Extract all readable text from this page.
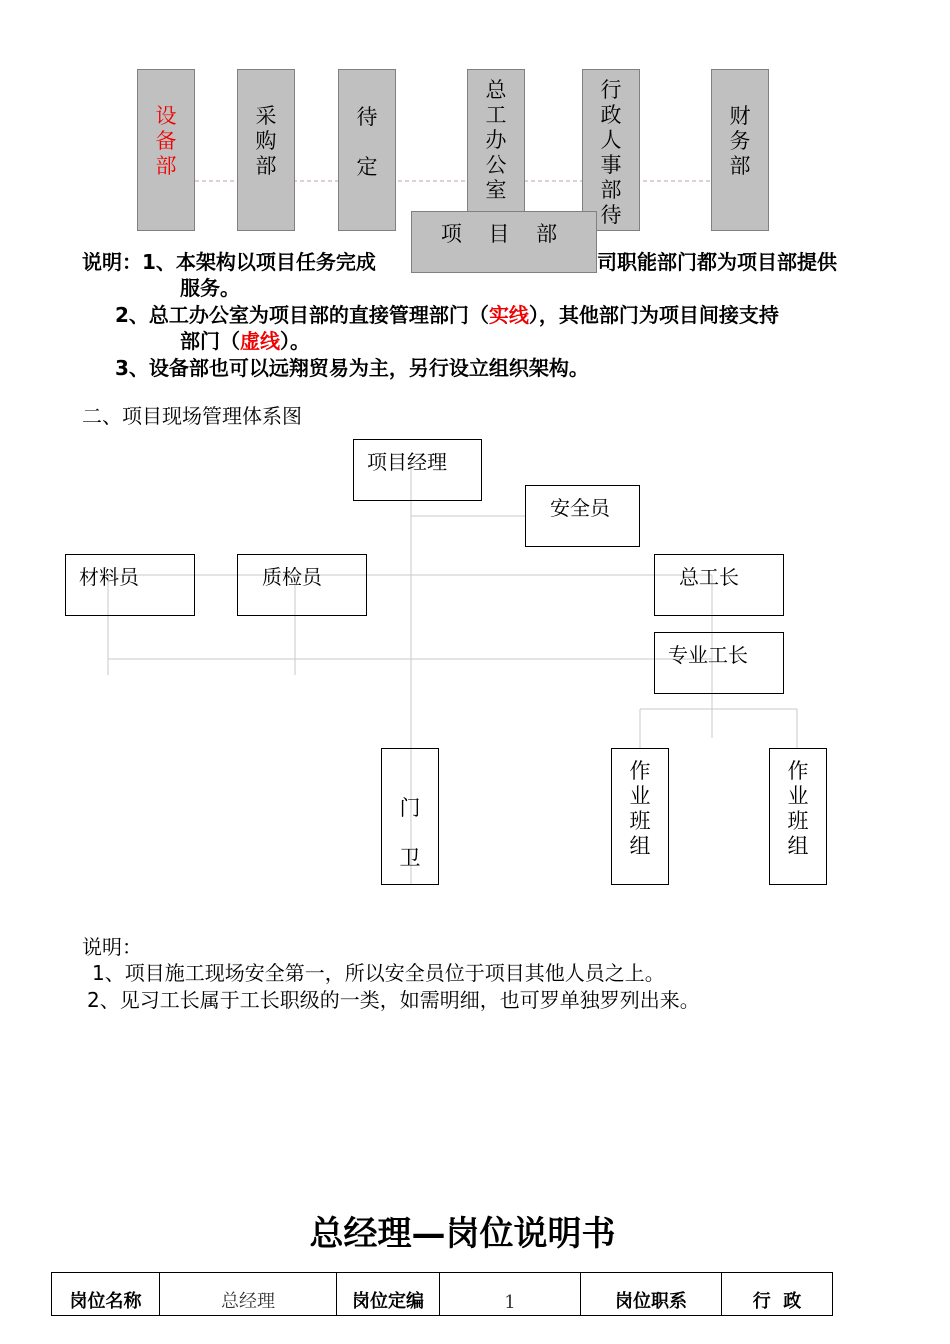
设备部
采购部
待定
总工办公室
行政人事部待
财务部
项 目 部
说明：1、本架构以项目任务完成	司职能部门都为项目部提供
服务。
2、总工办公室为项目部的直接管理部门（实线），其他部门为项目间接支持
部门（虚线）。
3、设备部也可以远翔贸易为主，另行设立组织架构。
二、项目现场管理体系图
项目经理
安全员
材料员	质检员	总工长
专业工长
门卫
作业班组
作业班组
说明：
1、项目施工现场安全第一，所以安全员位于项目其他人员之上。
2、见习工长属于工长职级的一类，如需明细，也可罗单独罗列出来。
总经理—岗位说明书
岗位名称	总经理	岗位定编	1	岗位职系	行  政
